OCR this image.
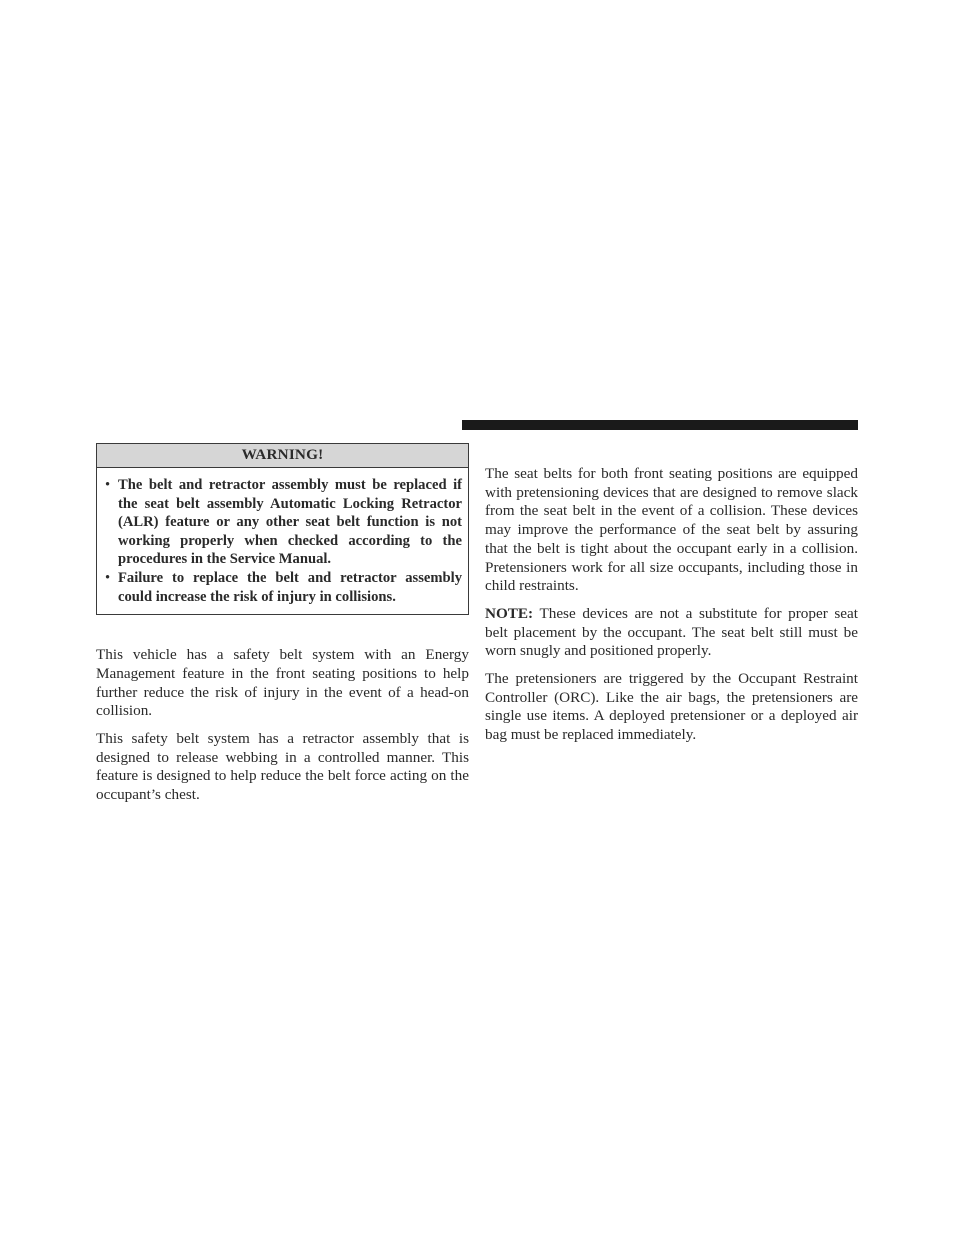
WARNING!
• The belt and retractor assembly must be replaced if the seat belt assembly Automatic Locking Retractor (ALR) feature or any other seat belt function is not working properly when checked according to the procedures in the Service Manual.
• Failure to replace the belt and retractor assembly could increase the risk of injury in collisions.

This vehicle has a safety belt system with an Energy Management feature in the front seating positions to help further reduce the risk of injury in the event of a head-on collision.

This safety belt system has a retractor assembly that is designed to release webbing in a controlled manner. This feature is designed to help reduce the belt force acting on the occupant’s chest.

The seat belts for both front seating positions are equipped with pretensioning devices that are designed to remove slack from the seat belt in the event of a collision. These devices may improve the performance of the seat belt by assuring that the belt is tight about the occupant early in a collision. Pretensioners work for all size occupants, including those in child restraints.

NOTE: These devices are not a substitute for proper seat belt placement by the occupant. The seat belt still must be worn snugly and positioned properly.

The pretensioners are triggered by the Occupant Restraint Controller (ORC). Like the air bags, the pretensioners are single use items. A deployed pretensioner or a deployed air bag must be replaced immediately.
